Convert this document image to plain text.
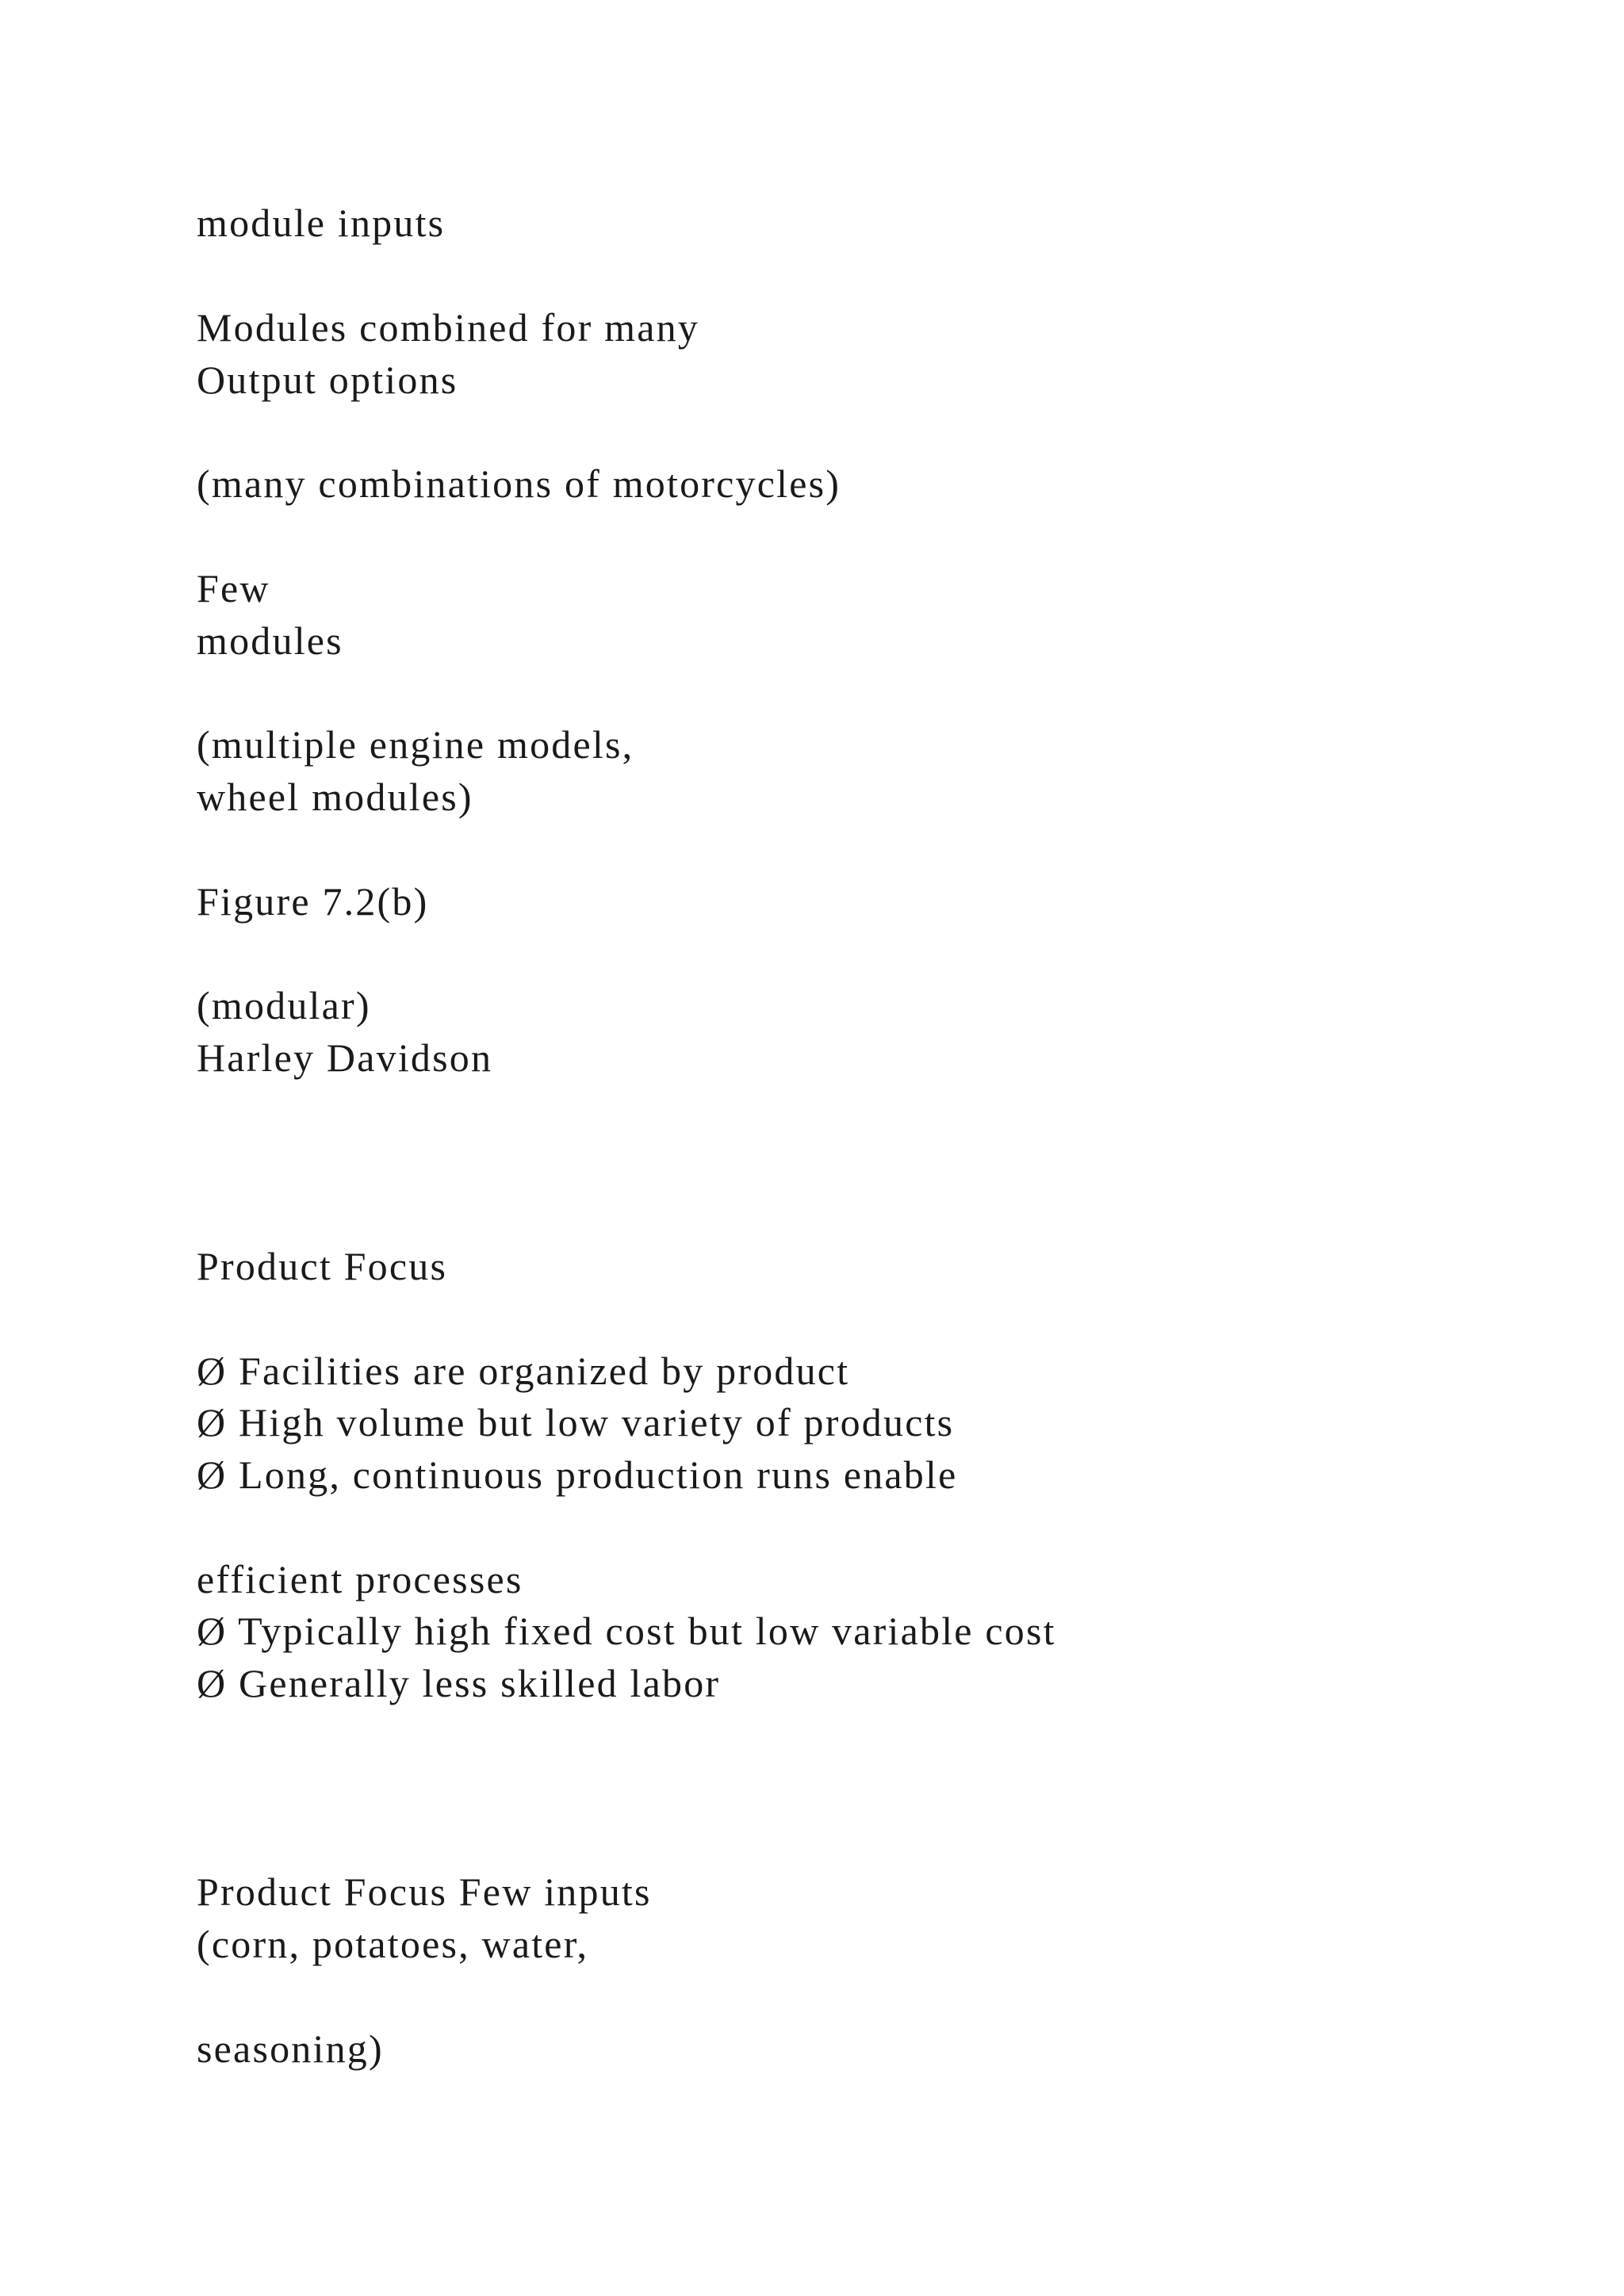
module inputs

Modules combined for many

Output options

(many combinations of motorcycles)

Few

modules

(multiple engine models,

wheel modules)

Figure 7.2(b)

(modular)

Harley Davidson

Product Focus

Ø Facilities are organized by product

Ø High volume but low variety of products

Ø Long, continuous production runs enable

efficient processes

Ø Typically high fixed cost but low variable cost

Ø Generally less skilled labor

Product Focus Few inputs

(corn, potatoes, water,

seasoning)
